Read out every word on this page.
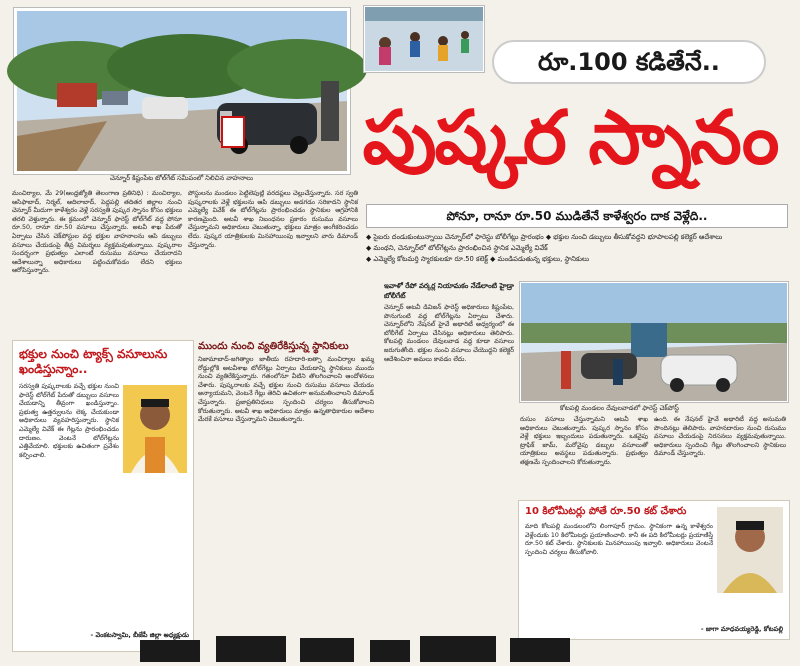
చెన్నూర్ కిష్టంపేట టోల్‌గేట్ సమీపంలో నిలిచిన వాహనాలు
రూ.100 కడితేనే..
పుష్కర స్నానం
పోనూ, రానూ రూ.50 ముడితేనే కాళేశ్వరం దాక వెళ్లేది..
◆ సైబరు దండుకుంటున్నాయి చెన్నూర్‌లో ఫారెస్టు బోలీగేట్లు ప్రారంభం ◆ భక్తుల నుంచి డబ్బులు తీసుకోవద్దని భూపాలపల్లి కలెక్టర్ ఆదేశాలు
◆ మంథని, చెన్నూర్‌లో టోల్‌గేట్లను ప్రారంభించిన స్థానిక ఎమ్మెల్యే వివేక్
◆ ఎమ్మెల్యే కోటమర్తి స్మారకులకూ రూ.50 కలెక్ట్ ◆ మండిపడుతున్న భక్తులు, స్థానికులు
మంచిర్యాల, మే 29(ఆంధ్రజ్యోతి తెలంగాణ ప్రతినిధి) : మంచిర్యాల, ఆసిఫాబాద్, నిర్మల్, ఆదిలాబాద్, పెద్దపల్లి తదితర జిల్లాల నుంచి చెన్నూర్ మీదుగా కాళేశ్వరం వెళ్లే సరస్వతి పుష్కర స్నానం కోసం భక్తులు తరలి వెళ్తున్నారు. ఈ క్రమంలో చెన్నూర్ ఫారెస్ట్ టోల్‌గేట్ వద్ద పోనూ రూ.50, రానూ రూ.50 వసూలు చేస్తున్నారు. అటవీ శాఖ పేరుతో ఏర్పాటు చేసిన చెక్‌పోస్టుల వద్ద భక్తుల వాహనాలను ఆపి డబ్బులు వసూలు చేయడంపై తీవ్ర విమర్శలు వ్యక్తమవుతున్నాయి. పుష్కరాల సందర్భంగా ప్రభుత్వం ఎలాంటి రుసుము వసూలు చేయరాదని ఆదేశాలున్నా అధికారులు పట్టించుకోవడం లేదని భక్తులు ఆరోపిస్తున్నారు.
పోస్టులను మండలం పెట్టిలెపుట్లి వరదప్లలు చెల్లుచేస్తున్నారు. సర స్వతి పుష్కరాలకు వెళ్లే భక్తులను ఆపి డబ్బులు అడగడం సరికాదని స్థానిక ఎమ్మెల్యే వివేక్ ఈ టోల్‌గేట్లను ప్రారంభించడం స్థానికుల ఆగ్రహానికి కారణమైంది. అటవీ శాఖ నిబంధనల ప్రకారం రుసుము వసూలు చేస్తున్నామని అధికారులు చెబుతున్నా, భక్తులు మాత్రం అంగీకరించడం లేదు. పుష్కర యాత్రికులకు మినహాయింపు ఇవ్వాలని వారు డిమాండ్ చేస్తున్నారు.
భక్తుల నుంచి ట్యాక్స్ వసూలును ఖండిస్తున్నాం..
సరస్వతి పుష్కరాలకు వచ్చే భక్తుల నుంచి ఫారెస్ట్ టోల్‌గేట్ పేరుతో డబ్బులు వసూలు చేయడాన్ని తీవ్రంగా ఖండిస్తున్నాం. ప్రభుత్వ ఉత్తర్వులను లెక్క చేయకుండా అధికారులు వ్యవహరిస్తున్నారు. స్థానిక ఎమ్మెల్యే వివేక్ ఈ గేట్లను ప్రారంభించడం దారుణం. వెంటనే టోల్‌గేట్లను ఎత్తివేయాలి. భక్తులకు ఉచితంగా ప్రవేశం కల్పించాలి.
- వెంకటస్వామి, బీజేపీ జిల్లా అధ్యక్షుడు
ముందు నుంచి వ్యతిరేకిస్తున్న స్థానికులు
నిజామాబాద్-జగిత్యాల జాతీయ రహదారి-ఐత్సా మంచిర్యాల ఖమ్మ రోడ్డుల్లోకి అటవీశాఖ టోల్‌గేట్లు ఏర్పాటు చేయడాన్ని స్థానికులు ముందు నుంచి వ్యతిరేకిస్తున్నారు. గతంలోనూ వీటిని తొలగించాలని ఆందోళనలు చేశారు. పుష్కరాలకు వచ్చే భక్తుల నుంచి రుసుము వసూలు చేయడం అన్యాయమని, వెంటనే గేట్లు తెరిచి ఉచితంగా అనుమతించాలని డిమాండ్ చేస్తున్నారు. ప్రజాప్రతినిధులు స్పందించి చర్యలు తీసుకోవాలని కోరుతున్నారు. అటవీ శాఖ అధికారులు మాత్రం ఉన్నతాధికారుల ఆదేశాల మేరకే వసూలు చేస్తున్నామని చెబుతున్నారు.
ఇవాళో రేపో వర్కర్ల నియామకం నేడేలాంటి హైడ్రా బోలీగేట్
చెన్నూర్ అటవీ డివిజన్ ఫారెస్ట్ అధికారులు కిష్టంపేట, పొనుగుంటి వద్ద టోల్‌గేట్లను ఏర్పాటు చేశారు. చెన్నూర్‌లోని నేషనల్ హైవే అథారిటీ అధ్వర్యంలో ఈ బోలీగేట్ ఏర్పాటు చేసినట్లు అధికారులు తెలిపారు. కోటపల్లి మండలం దేవులవాడ వద్ద కూడా వసూలు జరుగుతోంది. భక్తుల నుంచి వసూలు చేయొద్దని కలెక్టర్ ఆదేశించినా అమలు కావడం లేదు.
కోటపల్లి మండలం దేవులవాడలో ఫారెస్ట్ చెక్‌పోస్ట్
రుసుం వసూలు చేస్తున్నామని ఆటవీ శాఖ అధికారులు చెబుతున్నారు. పుష్కర స్నానం కోసం వెళ్లే భక్తులు ఇబ్బందులు పడుతున్నారు. ఒకవైపు ట్రాఫిక్ జామ్, మరోవైపు డబ్బుల వసూలుతో యాత్రికులు అవస్థలు పడుతున్నారు. ప్రభుత్వం తక్షణమే స్పందించాలని కోరుతున్నారు.
ఉంది. ఈ నేషనల్ హైవే అథారిటీ వద్ద అనుమతి పొందినట్లు తెలిపారు. వాహనదారుల నుంచి రుసుము వసూలు చేయడంపై నిరసనలు వ్యక్తమవుతున్నాయి. అధికారులు స్పందించి గేట్లు తొలగించాలని స్థానికులు డిమాండ్ చేస్తున్నారు.
10 కిలోమీటర్లు పోతే రూ.50 కట్ చేశారు
మాది కోటపల్లి మండలంలోని లింగాపూర్ గ్రామం. స్థానికంగా ఉన్న కాళేశ్వరం వెళ్లేందుకు 10 కిలోమీటర్లు ప్రయాణించాలి. కానీ ఈ పది కిలోమీటర్లు ప్రయాణిస్తే రూ.50 కట్ చేశారు. స్థానికులకు మినహాయింపు ఇవ్వాలి. అధికారులు వెంటనే స్పందించి చర్యలు తీసుకోవాలి.
- జాగా మాధవయ్యరెడ్డి, కోటపల్లి
